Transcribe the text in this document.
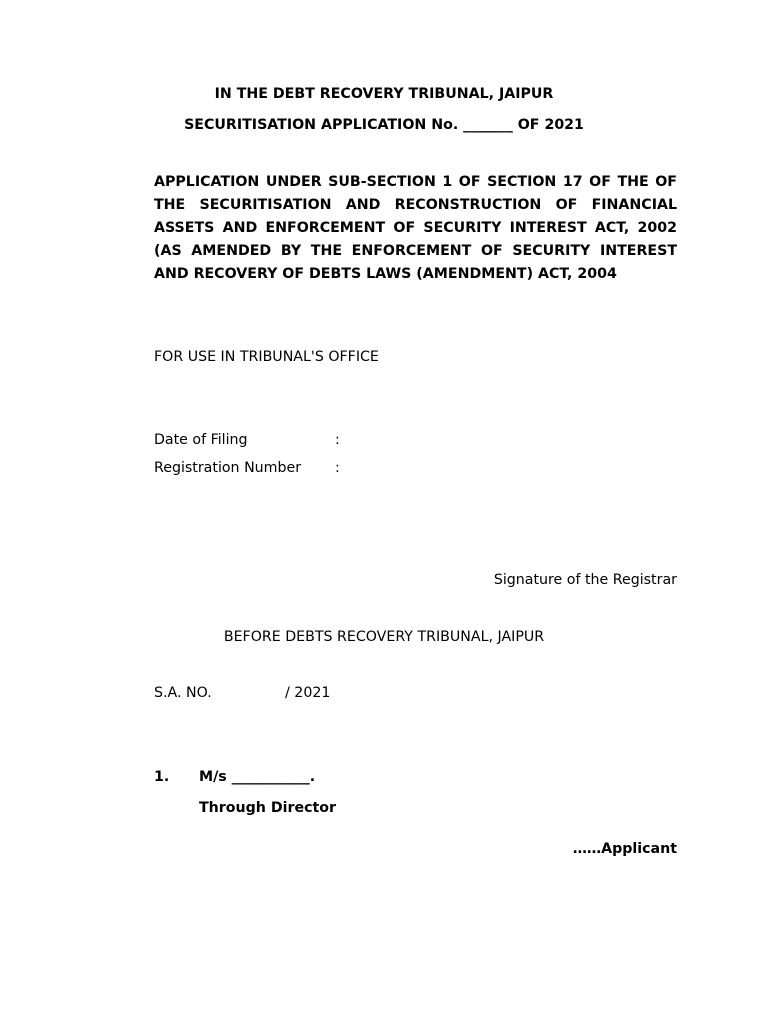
IN THE DEBT RECOVERY TRIBUNAL, JAIPUR
SECURITISATION APPLICATION No. _______ OF 2021
APPLICATION UNDER SUB-SECTION 1 OF SECTION 17 OF THE OF THE SECURITISATION AND RECONSTRUCTION OF FINANCIAL ASSETS AND ENFORCEMENT OF SECURITY INTEREST ACT, 2002 (AS AMENDED BY THE ENFORCEMENT OF SECURITY INTEREST AND RECOVERY OF DEBTS LAWS (AMENDMENT) ACT, 2004
FOR USE IN TRIBUNAL'S OFFICE
Date of Filing	:
Registration Number :
Signature of the Registrar
BEFORE DEBTS RECOVERY TRIBUNAL, JAIPUR
S.A. NO.	/ 2021
1. M/s ___________.
Through Director
……Applicant
